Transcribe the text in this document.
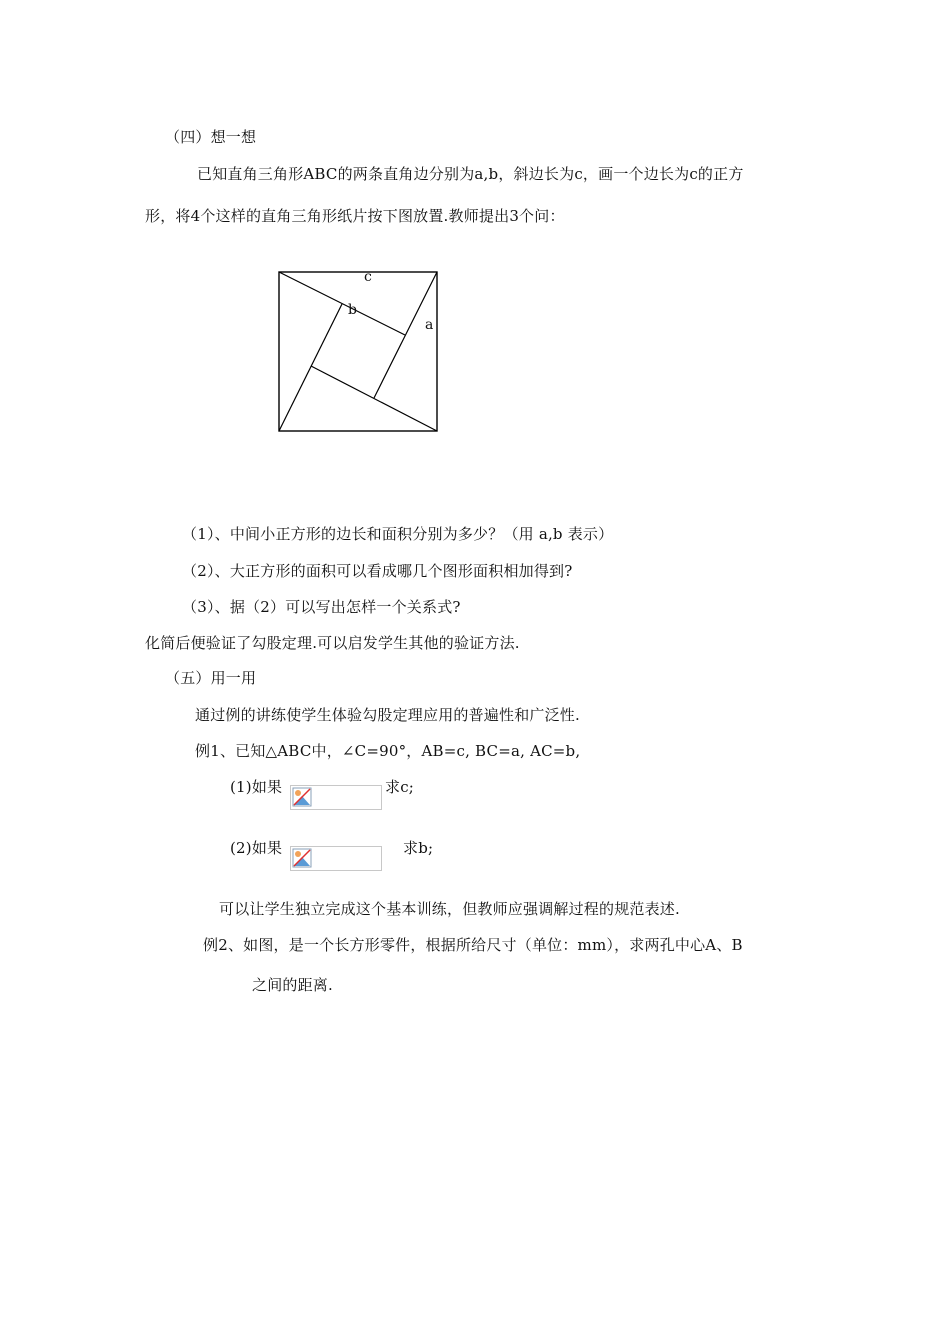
（四）想一想
已知直角三角形ABC的两条直角边分别为a,b，斜边长为c，画一个边长为c的正方
形，将4个这样的直角三角形纸片按下图放置.教师提出3个问：
c
b
a
（1）、中间小正方形的边长和面积分别为多少？（用 a,b 表示）
（2）、大正方形的面积可以看成哪几个图形面积相加得到?
（3）、据（2）可以写出怎样一个关系式?
化简后便验证了勾股定理.可以启发学生其他的验证方法.
（五）用一用
通过例的讲练使学生体验勾股定理应用的普遍性和广泛性.
例1、已知△ABC中，∠C=90°，AB=c, BC=a, AC=b,
(1)如果	求c;
(2)如果	求b;
可以让学生独立完成这个基本训练，但教师应强调解过程的规范表述.
例2、如图，是一个长方形零件，根据所给尺寸（单位：mm），求两孔中心A、B
之间的距离.
